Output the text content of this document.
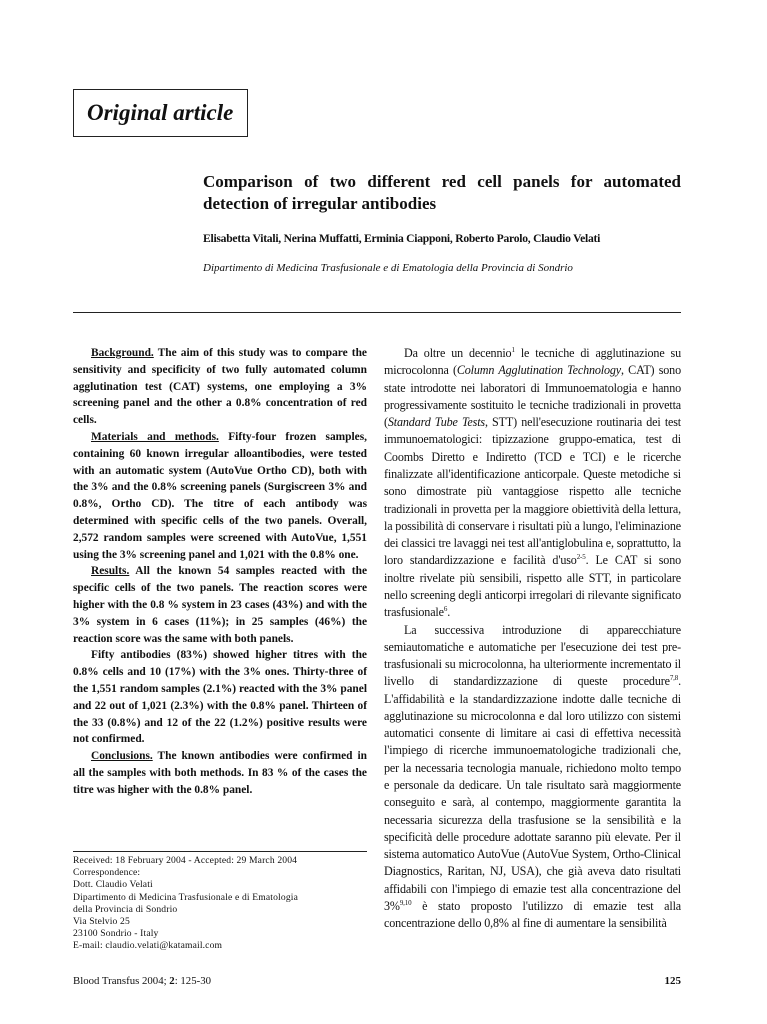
Original article
Comparison of two different red cell panels for automated detection of irregular antibodies
Elisabetta Vitali, Nerina Muffatti, Erminia Ciapponi, Roberto Parolo, Claudio Velati
Dipartimento di Medicina Trasfusionale e di Ematologia della Provincia di Sondrio

Background. The aim of this study was to compare the sensitivity and specificity of two fully automated column agglutination test (CAT) systems, one employing a 3% screening panel and the other a 0.8% concentration of red cells.

Materials and methods. Fifty-four frozen samples, containing 60 known irregular alloantibodies, were tested with an automatic system (AutoVue Ortho CD), both with the 3% and the 0.8% screening panels (Surgiscreen 3% and 0.8%, Ortho CD). The titre of each antibody was determined with specific cells of the two panels. Overall, 2,572 random samples were screened with AutoVue, 1,551 using the 3% screening panel and 1,021 with the 0.8% one.

Results. All the known 54 samples reacted with the specific cells of the two panels. The reaction scores were higher with the 0.8 % system in 23 cases (43%) and with the 3% system in 6 cases (11%); in 25 samples (46%) the reaction score was the same with both panels.

Fifty antibodies (83%) showed higher titres with the 0.8% cells and 10 (17%) with the 3% ones. Thirty-three of the 1,551 random samples (2.1%) reacted with the 3% panel and 22 out of 1,021 (2.3%) with the 0.8% panel. Thirteen of the 33 (0.8%) and 12 of the 22 (1.2%) positive results were not confirmed.

Conclusions. The known antibodies were confirmed in all the samples with both methods. In 83 % of the cases the titre was higher with the 0.8% panel.

Received: 18 February 2004 - Accepted: 29 March 2004
Correspondence:
Dott. Claudio Velati
Dipartimento di Medicina Trasfusionale e di Ematologia
della Provincia di Sondrio
Via Stelvio 25
23100 Sondrio - Italy
E-mail: claudio.velati@katamail.com

Da oltre un decennio$^1$ le tecniche di agglutinazione su microcolonna (Column Agglutination Technology, CAT) sono state introdotte nei laboratori di Immunoematologia e hanno progressivamente sostituito le tecniche tradizionali in provetta (Standard Tube Tests, STT) nell'esecuzione routinaria dei test immunoematologici: tipizzazione gruppo-ematica, test di Coombs Diretto e Indiretto (TCD e TCI) e le ricerche finalizzate all'identificazione anticorpale. Queste metodiche si sono dimostrate più vantaggiose rispetto alle tecniche tradizionali in provetta per la maggiore obiettività della lettura, la possibilità di conservare i risultati più a lungo, l'eliminazione dei classici tre lavaggi nei test all'antiglobulina e, soprattutto, la loro standardizzazione e facilità d'uso$^{2-5}$. Le CAT si sono inoltre rivelate più sensibili, rispetto alle STT, in particolare nello screening degli anticorpi irregolari di rilevante significato trasfusionale$^6$.

La successiva introduzione di apparecchiature semiautomatiche e automatiche per l'esecuzione dei test pre-trasfusionali su microcolonna, ha ulteriormente incrementato il livello di standardizzazione di queste procedure$^{7,8}$. L'affidabilità e la standardizzazione indotte dalle tecniche di agglutinazione su microcolonna e dal loro utilizzo con sistemi automatici consente di limitare ai casi di effettiva necessità l'impiego di ricerche immunoematologiche tradizionali che, per la necessaria tecnologia manuale, richiedono molto tempo e personale da dedicare. Un tale risultato sarà maggiormente conseguito e sarà, al contempo, maggiormente garantita la necessaria sicurezza della trasfusione se la sensibilità e la specificità delle procedure adottate saranno più elevate. Per il sistema automatico AutoVue (AutoVue System, Ortho-Clinical Diagnostics, Raritan, NJ, USA), che già aveva dato risultati affidabili con l'impiego di emazie test alla concentrazione del 3%$^{9,10}$ è stato proposto l'utilizzo di emazie test alla concentrazione dello 0,8% al fine di aumentare la sensibilità

Blood Transfus 2004; 2: 125-30	125
